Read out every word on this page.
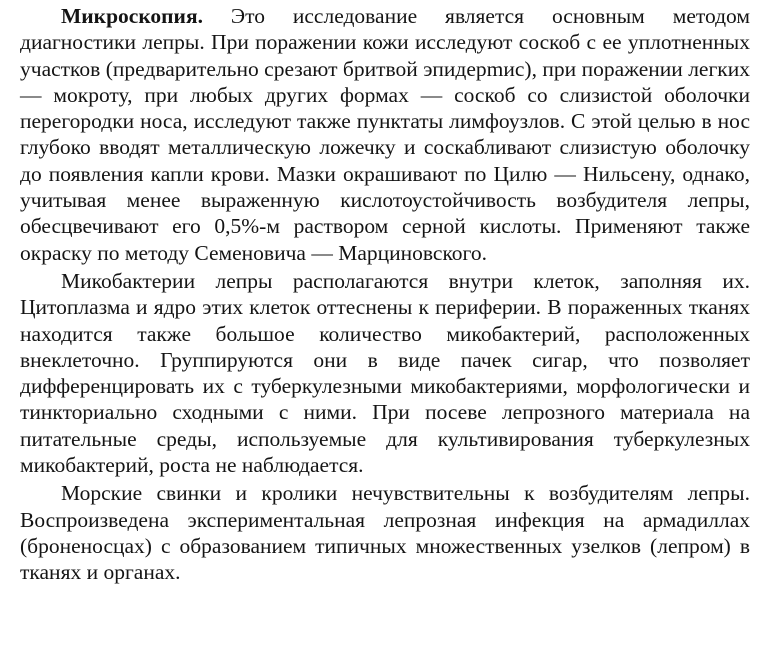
Микроскопия. Это исследование является основным методом диагностики лепры. При поражении кожи исследуют соскоб с ее уплотненных участков (предварительно срезают бритвой эпидерmис), при поражении легких — мокроту, при любых других формах — соскоб со слизистой оболочки перегородки носа, исследуют также пунктаты лимфоузлов. С этой целью в нос глубоко вводят металлическую ложечку и соскабливают слизистую оболочку до появления капли крови. Мазки окрашивают по Цилю — Нильсену, однако, учитывая менее выраженную кислотоустойчивость возбудителя лепры, обесцвечивают его 0,5%-м раствором серной кислоты. Применяют также окраску по методу Семеновича — Марциновского.

Микобактерии лепры располагаются внутри клеток, заполняя их. Цитоплазма и ядро этих клеток оттеснены к периферии. В пораженных тканях находится также большое количество микобактерий, расположенных внеклеточно. Группируются они в виде пачек сигар, что позволяет дифференцировать их с туберкулезными микобактериями, морфологически и тинкториально сходными с ними. При посеве лепрозного материала на питательные среды, используемые для культивирования туберкулезных микобактерий, роста не наблюдается.

Морские свинки и кролики нечувствительны к возбудителям лепры. Воспроизведена экспериментальная лепрозная инфекция на армадиллах (броненосцах) с образованием типичных множественных узелков (лепром) в тканях и органах.
